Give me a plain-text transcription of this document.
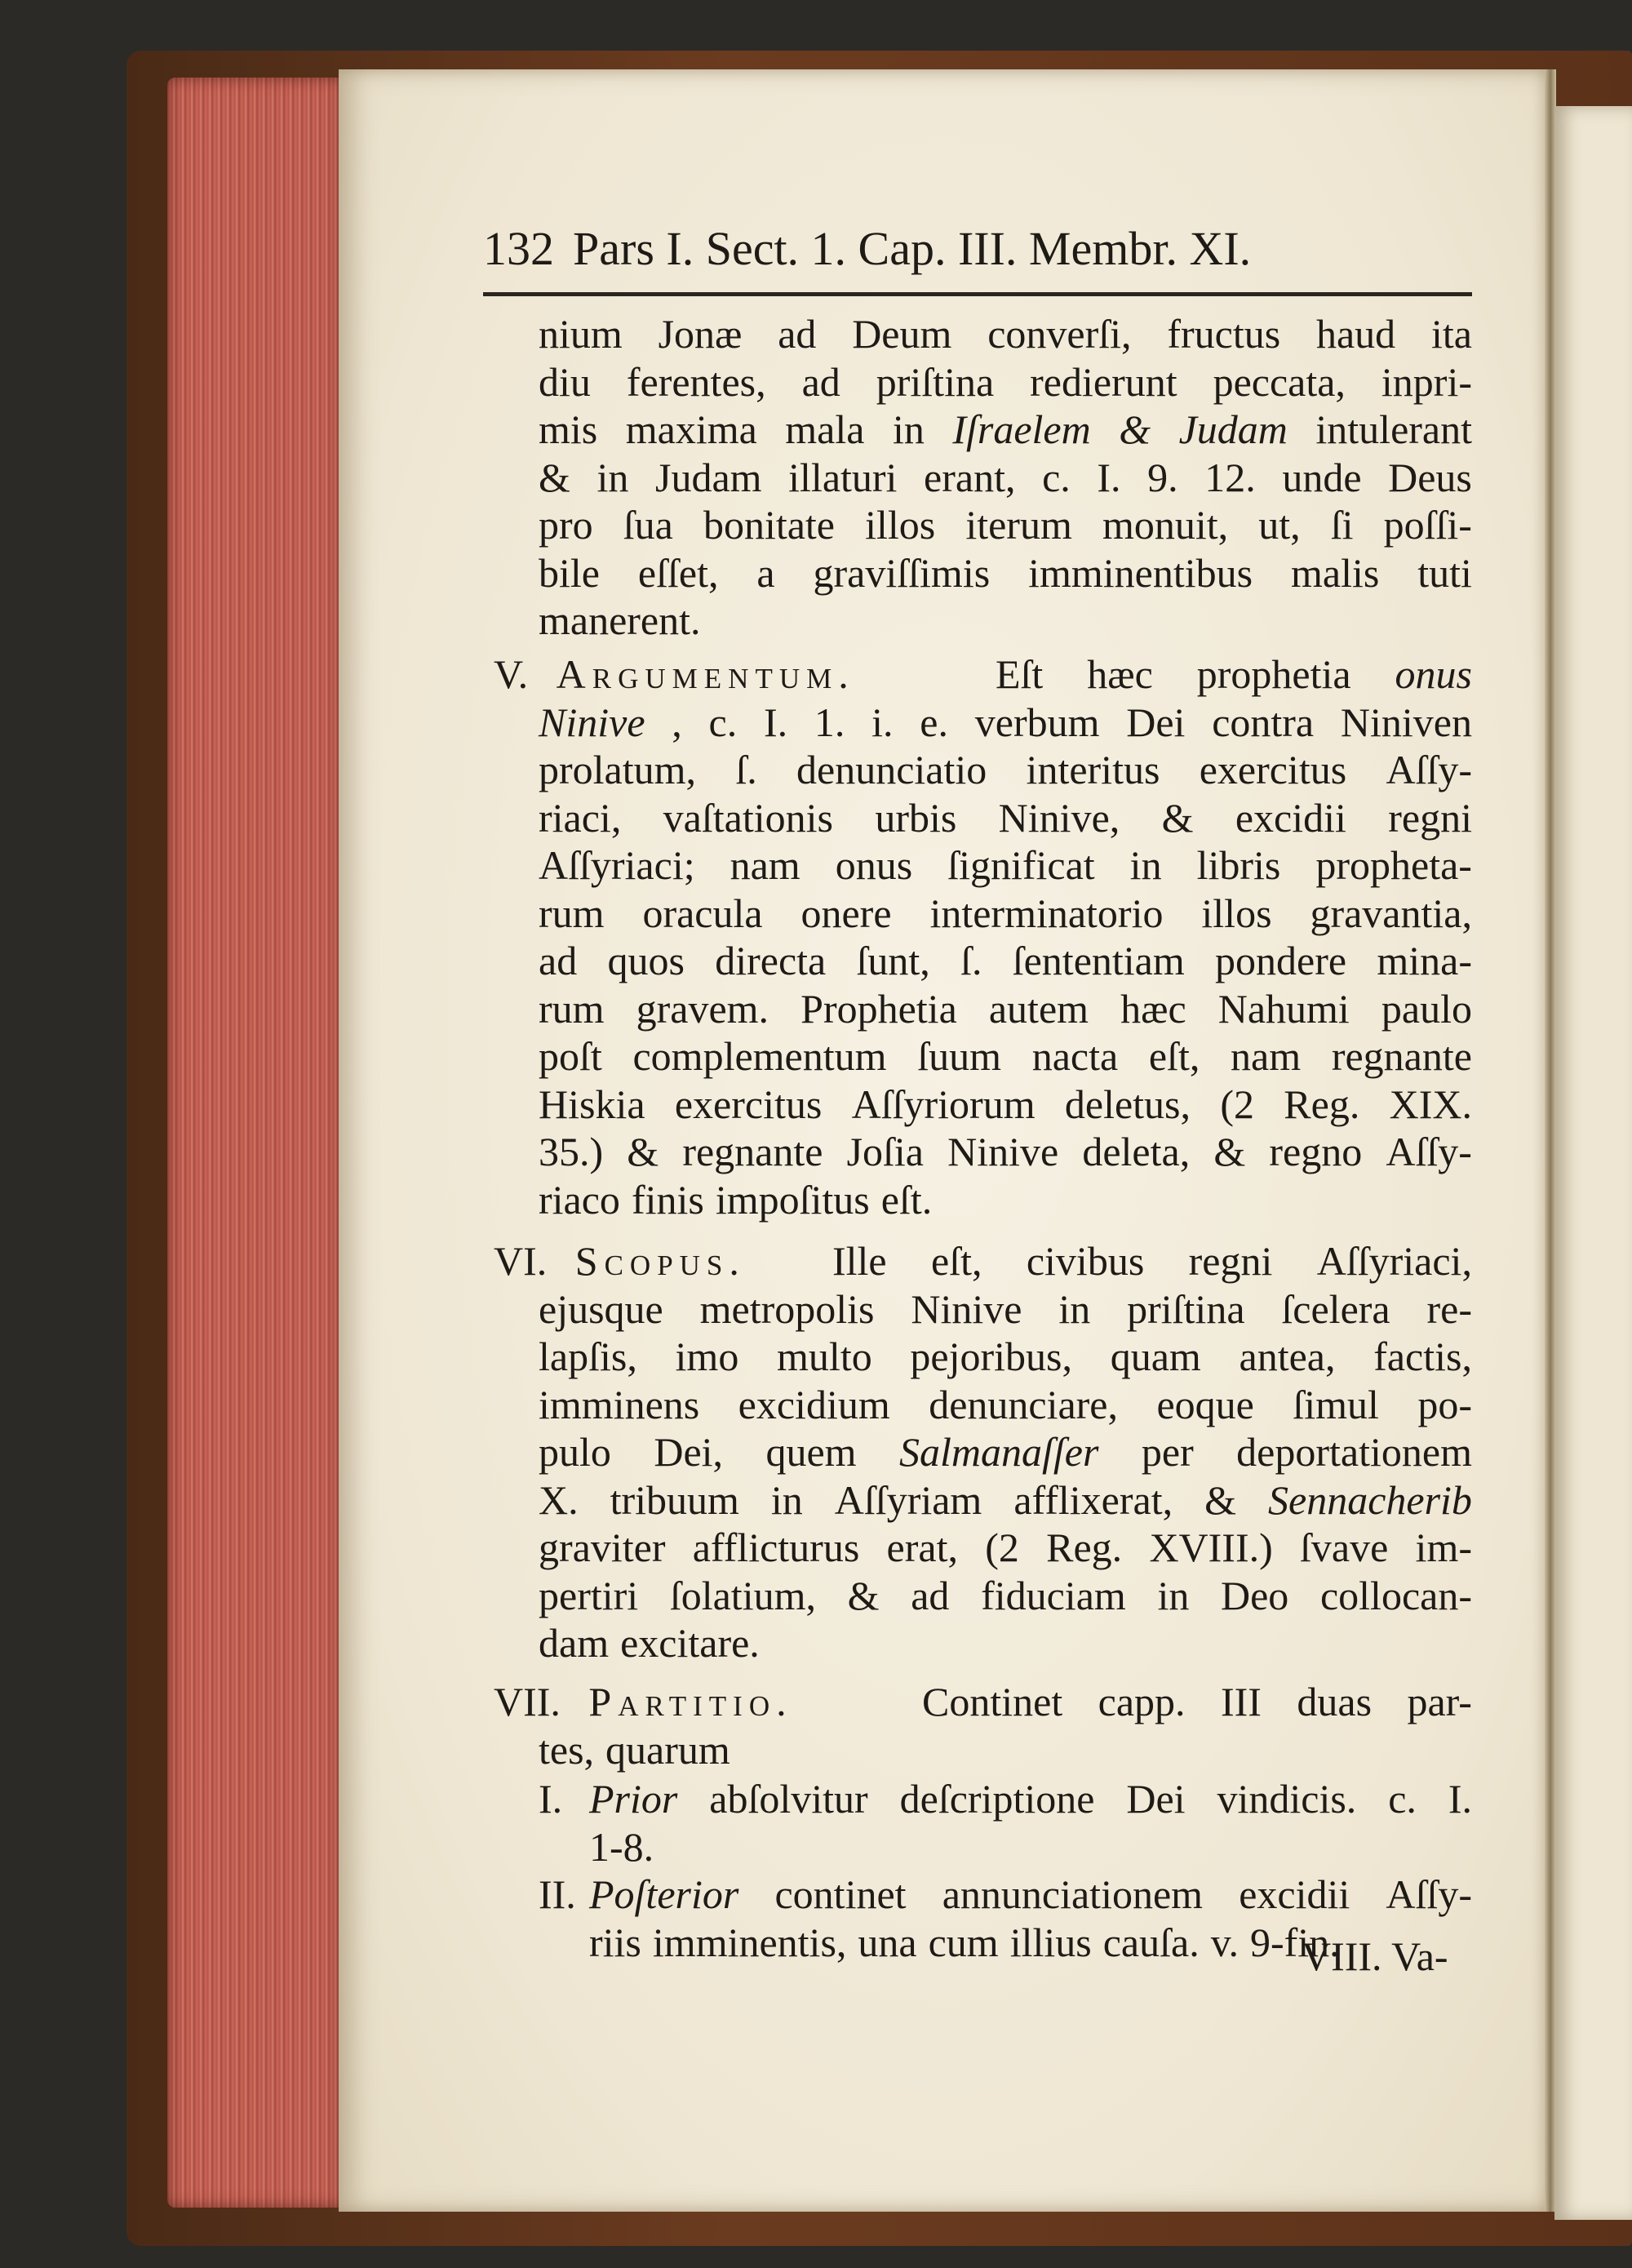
132 Pars I. Sect. 1. Cap. III. Membr. XI.
nium Jonæ ad Deum converſi, fructus haud ita
diu ferentes, ad priſtina redierunt peccata, inpri-
mis maxima mala in Iſraelem & Judam intulerant
& in Judam illaturi erant, c. I. 9. 12. unde Deus
pro ſua bonitate illos iterum monuit, ut, ſi poſſi-
bile eſſet, a graviſſimis imminentibus malis tuti
manerent.
V. Argumentum.	Eſt hæc prophetia onus
Ninive , c. I. 1. i. e. verbum Dei contra Niniven
prolatum, ſ. denunciatio interitus exercitus Aſſy-
riaci, vaſtationis urbis Ninive, & excidii regni
Aſſyriaci; nam onus ſignificat in libris propheta-
rum oracula onere interminatorio illos gravantia,
ad quos directa ſunt, ſ. ſententiam pondere mina-
rum gravem. Prophetia autem hæc Nahumi paulo
poſt complementum ſuum nacta eſt, nam regnante
Hiskia exercitus Aſſyriorum deletus, (2 Reg. XIX.
35.) & regnante Joſia Ninive deleta, & regno Aſſy-
riaco finis impoſitus eſt.
VI. Scopus.	Ille eſt, civibus regni Aſſyriaci,
ejusque metropolis Ninive in priſtina ſcelera re-
lapſis, imo multo pejoribus, quam antea, factis,
imminens excidium denunciare, eoque ſimul po-
pulo Dei, quem Salmanaſſer per deportationem
X. tribuum in Aſſyriam afflixerat, & Sennacherib
graviter afflicturus erat, (2 Reg. XVIII.) ſvave im-
pertiri ſolatium, & ad fiduciam in Deo collocan-
dam excitare.
VII. Partitio.	Continet capp. III duas par-
tes, quarum
I. Prior abſolvitur deſcriptione Dei vindicis. c. I.
1-8.
II. Poſterior continet annunciationem excidii Aſſy-
riis imminentis, una cum illius cauſa. v. 9-fin.
VIII. Va-
